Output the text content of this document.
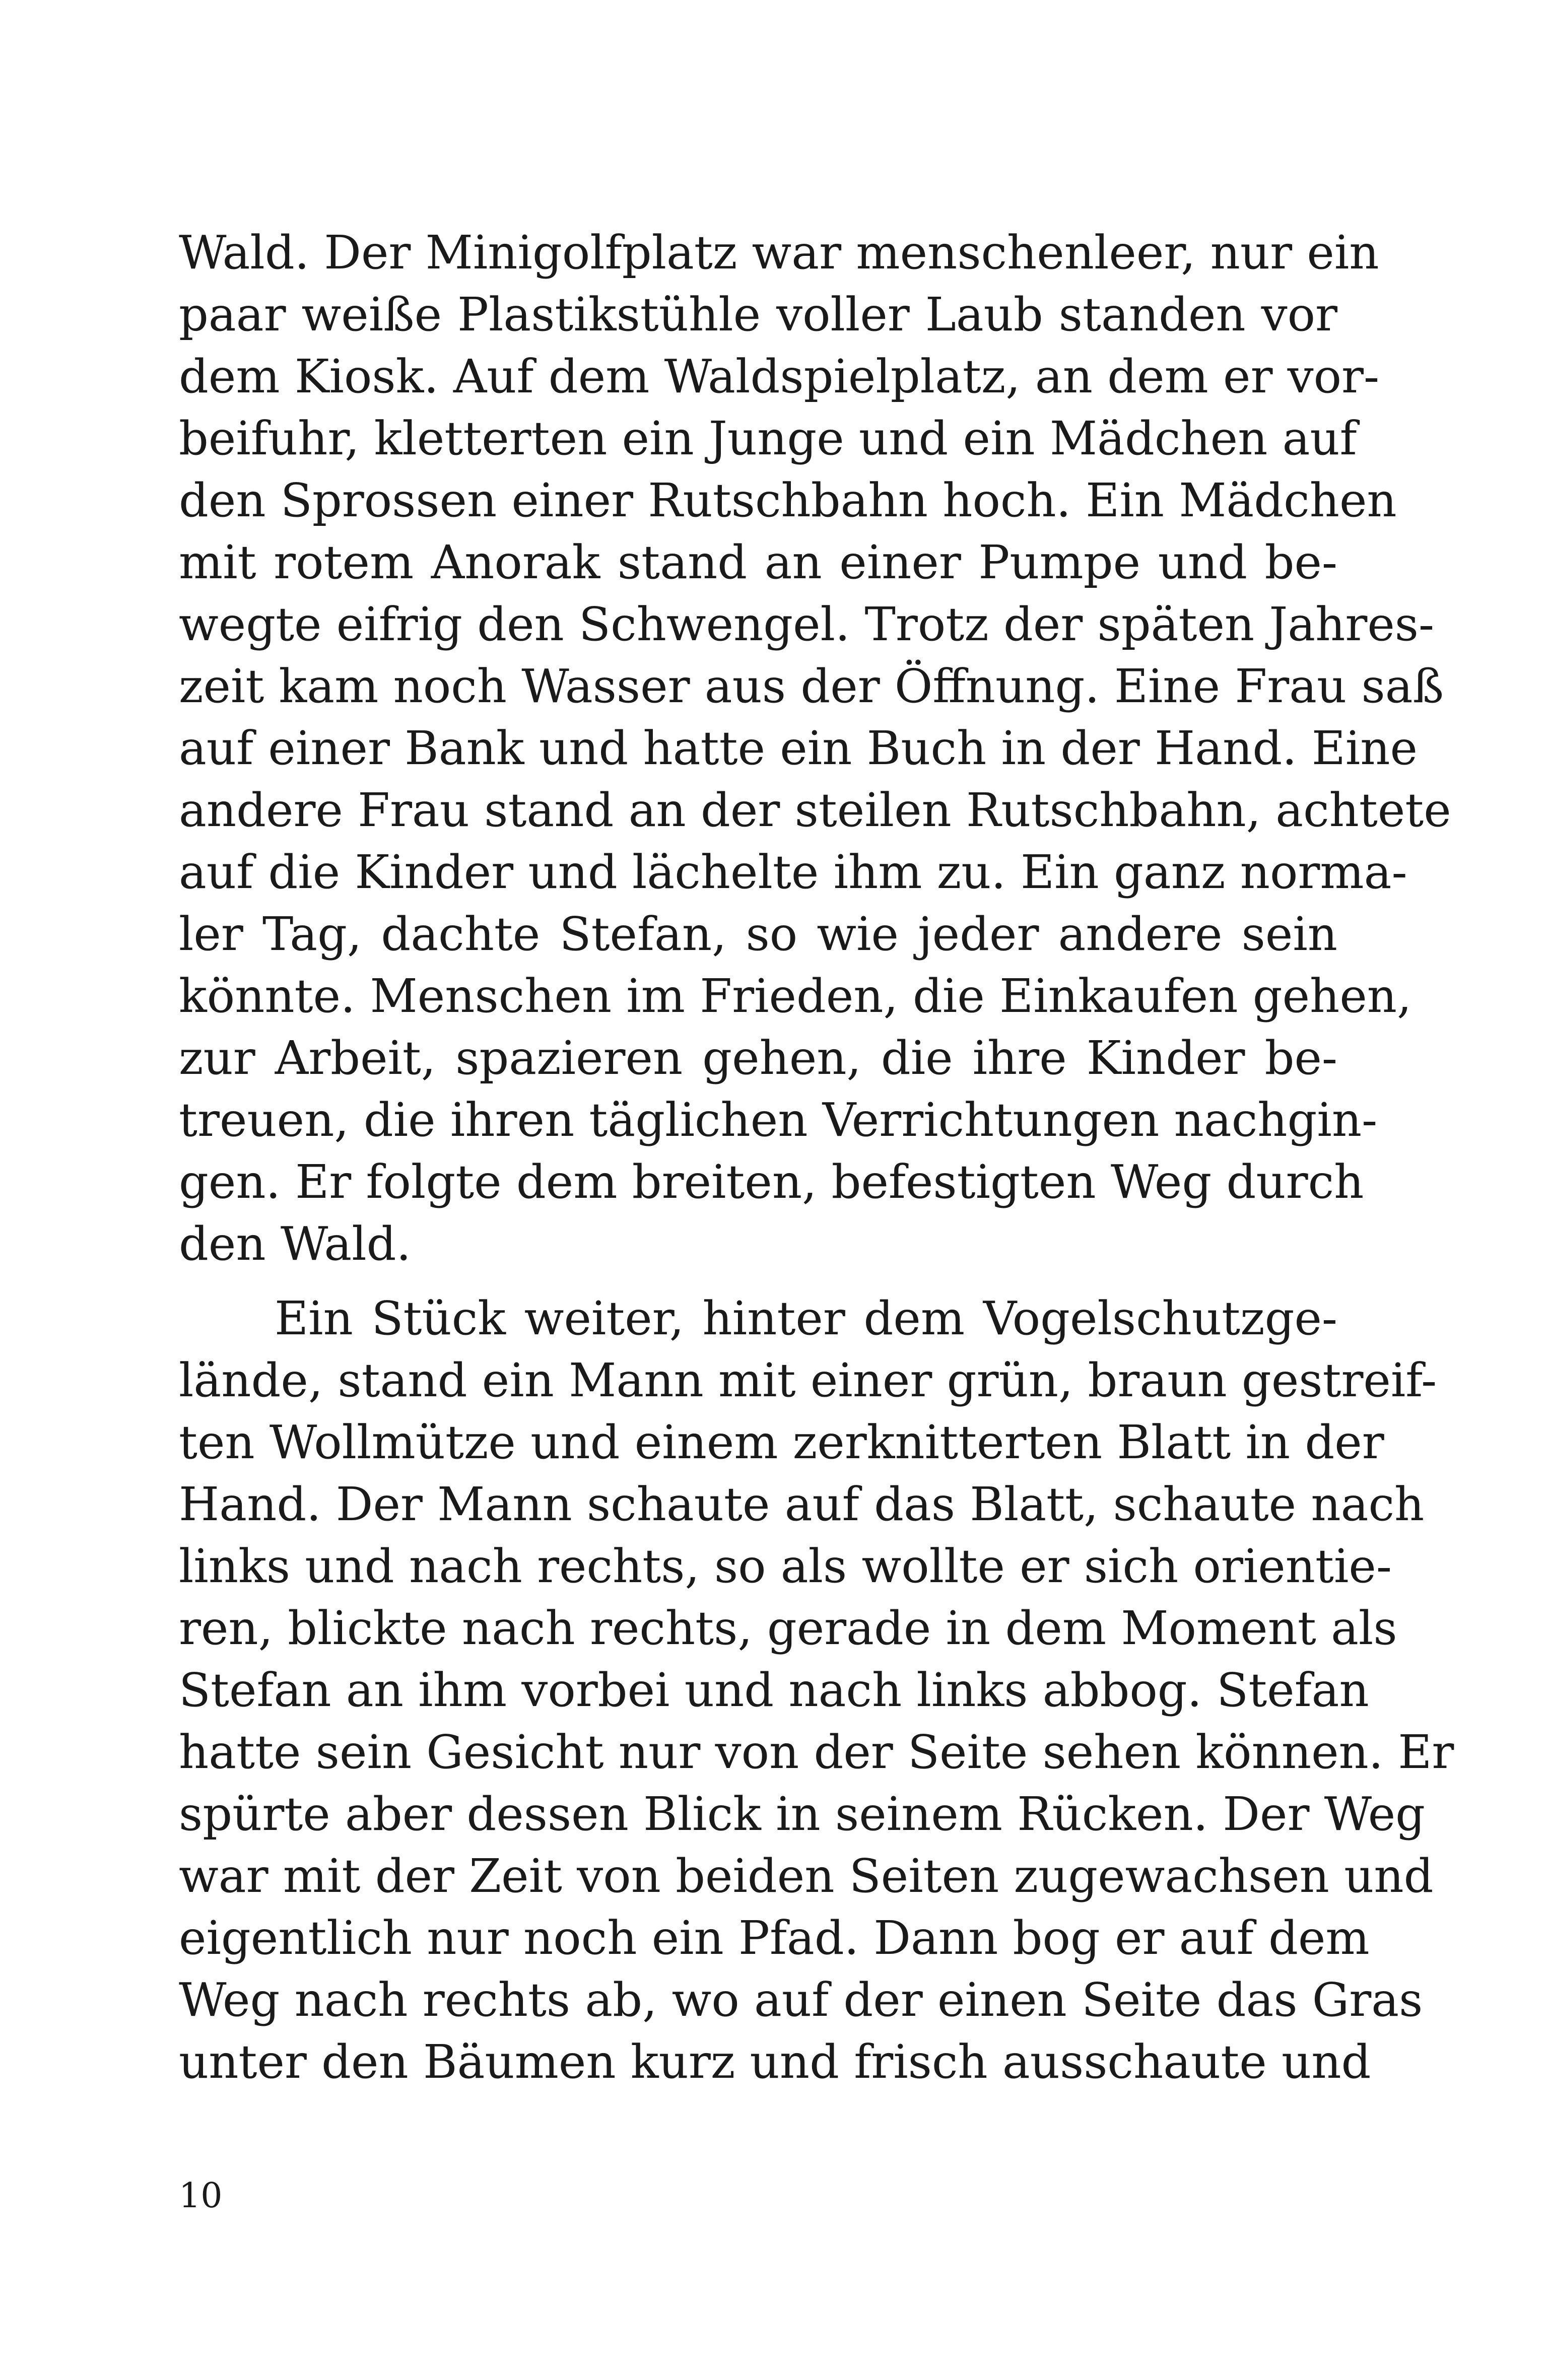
Wald. Der Minigolfplatz war menschenleer, nur ein
paar weiße Plastikstühle voller Laub standen vor
dem Kiosk. Auf dem Waldspielplatz, an dem er vor-
beifuhr, kletterten ein Junge und ein Mädchen auf
den Sprossen einer Rutschbahn hoch. Ein Mädchen
mit rotem Anorak stand an einer Pumpe und be-
wegte eifrig den Schwengel. Trotz der späten Jahres-
zeit kam noch Wasser aus der Öffnung. Eine Frau saß
auf einer Bank und hatte ein Buch in der Hand. Eine
andere Frau stand an der steilen Rutschbahn, achtete
auf die Kinder und lächelte ihm zu. Ein ganz norma-
ler Tag, dachte Stefan, so wie jeder andere sein
könnte. Menschen im Frieden, die Einkaufen gehen,
zur Arbeit, spazieren gehen, die ihre Kinder be-
treuen, die ihren täglichen Verrichtungen nachgin-
gen. Er folgte dem breiten, befestigten Weg durch
den Wald.
Ein Stück weiter, hinter dem Vogelschutzge-
lände, stand ein Mann mit einer grün, braun gestreif-
ten Wollmütze und einem zerknitterten Blatt in der
Hand. Der Mann schaute auf das Blatt, schaute nach
links und nach rechts, so als wollte er sich orientie-
ren, blickte nach rechts, gerade in dem Moment als
Stefan an ihm vorbei und nach links abbog. Stefan
hatte sein Gesicht nur von der Seite sehen können. Er
spürte aber dessen Blick in seinem Rücken. Der Weg
war mit der Zeit von beiden Seiten zugewachsen und
eigentlich nur noch ein Pfad. Dann bog er auf dem
Weg nach rechts ab, wo auf der einen Seite das Gras
unter den Bäumen kurz und frisch ausschaute und
10
